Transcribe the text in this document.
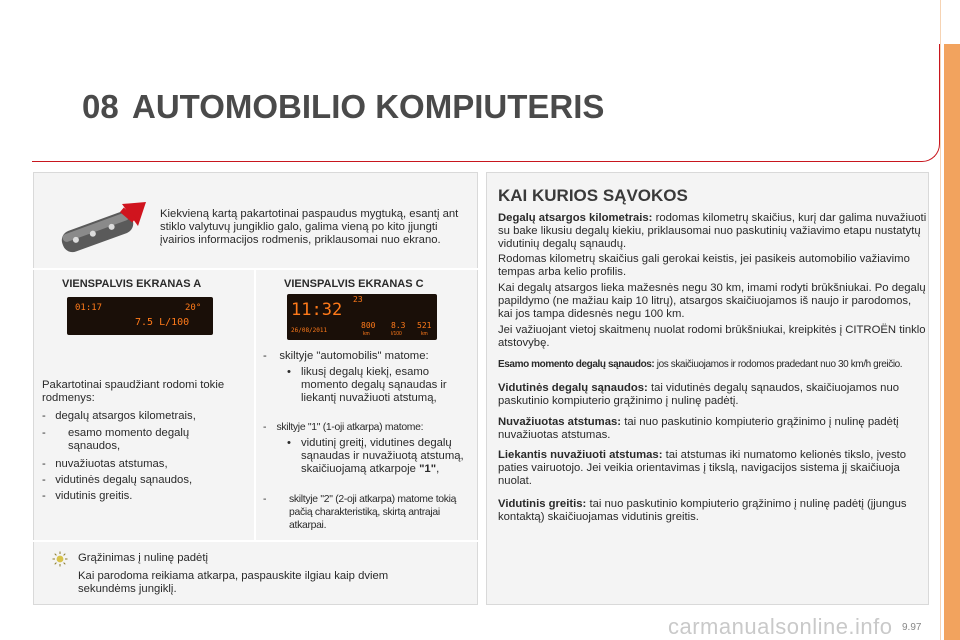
08 AUTOMOBILIO KOMPIUTERIS
Kiekvieną kartą pakartotinai paspaudus mygtuką, esantį ant stiklo valytuvų jungiklio galo, galima vieną po kito įjungti įvairios informacijos rodmenis, priklausomai nuo ekrano.
VIENSPALVIS EKRANAS A	VIENSPALVIS EKRANAS C
01:17	20°
7.5 L/100
11:32
26/08/2011
23
800 8.3 521
km	l/100	km
Pakartotinai spaudžiant rodomi tokie rodmenys:
-   degalų atsargos kilometrais,
- esamo momento degalų sąnaudos,
-   nuvažiuotas atstumas,
-   vidutinės degalų sąnaudos,
-   vidutinis greitis.
-    skiltyje "automobilis" matome:
• likusį degalų kiekį, esamo momento degalų sąnaudas ir liekantį nuvažiuoti atstumą,
-    skiltyje "1" (1-oji atkarpa) matome:
• vidutinį greitį, vidutines degalų sąnaudas ir nuvažiuotą atstumą, skaičiuojamą atkarpoje "1",
-	skiltyje "2" (2-oji atkarpa) matome tokią pačią charakteristiką, skirtą antrajai atkarpai.
Grąžinimas į nulinę padėtį
Kai parodoma reikiama atkarpa, paspauskite ilgiau kaip dviem sekundėms jungiklį.
KAI KURIOS SĄVOKOS
Degalų atsargos kilometrais: rodomas kilometrų skaičius, kurį dar galima nuvažiuoti su bake likusiu degalų kiekiu, priklausomai nuo paskutinių važiavimo etapu nustatytų vidutinių degalų sąnaudų.
Rodomas kilometrų skaičius gali gerokai keistis, jei pasikeis automobilio važiavimo tempas arba kelio profilis.
Kai degalų atsargos lieka mažesnės negu 30 km, imami rodyti brūkšniukai. Po degalų papildymo (ne mažiau kaip 10 litrų), atsargos skaičiuojamos iš naujo ir parodomos, kai jos tampa didesnės negu 100 km.
Jei važiuojant vietoj skaitmenų nuolat rodomi brūkšniukai, kreipkitės į CITROËN tinklo atstovybę.
Esamo momento degalų sąnaudos: jos skaičiuojamos ir rodomos pradedant nuo 30 km/h greičio.
Vidutinės degalų sąnaudos: tai vidutinės degalų sąnaudos, skaičiuojamos nuo paskutinio kompiuterio grąžinimo į nulinę padėtį.
Nuvažiuotas atstumas: tai nuo paskutinio kompiuterio grąžinimo į nulinę padėtį nuvažiuotas atstumas.
Liekantis nuvažiuoti atstumas: tai atstumas iki numatomo kelionės tikslo, įvesto paties vairuotojo. Jei veikia orientavimas į tikslą, navigacijos sistema jį skaičiuoja nuolat.
Vidutinis greitis: tai nuo paskutinio kompiuterio grąžinimo į nulinę padėtį (įjungus kontaktą) skaičiuojamas vidutinis greitis.
carmanualsonline.info 9.97
